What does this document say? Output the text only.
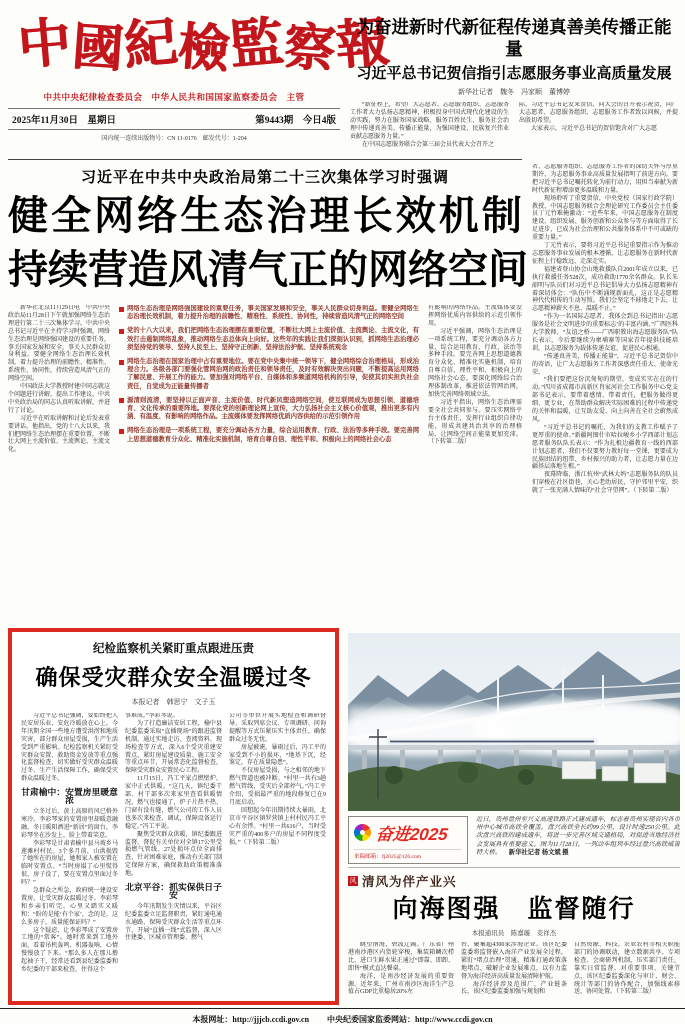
中
國
紀
檢
監
察
報
中共中央纪律检查委员会　中华人民共和国国家监察委员会　主管
2025年11月30日　星期日	第9443期　今日4版
国内统一连续出版物号：CN 11-0176　邮发代号：1-204
为奋进新时代新征程传递真善美传播正能量
习近平总书记贺信指引志愿服务事业高质量发展
新华社记者　魏冬　冯家顺　董博婷

“新征程上，希望广大志愿者、志愿服务组织、志愿服务工作者大力弘扬志愿精神，积极投身中国式现代化建设的生动实践，努力在服务国家战略、服务百姓民生、服务社会治理中传递真善美、传播正能量，为强国建设、民族复兴伟业贡献志愿服务力量。”

在中国志愿服务联合会第三届会员代表大会召开之

际，习近平总书记发来贺信，向大会的召开表示祝贺，向广大志愿者、志愿服务组织、志愿服务工作者致以问候，并提出殷切希望。

大家表示，习近平总书记的贺信饱含对广大志愿

者、志愿服务组织、志愿服务工作者的深切关怀与厚重期许，为志愿服务事业高质量发展指明了前进方向。要把习近平总书记嘱托转化为前行动力，用担当奉献为新时代新征程增添更多温暖和力量。

现场聆听了重要贺信，中央党校（国家行政学院）教授、中国志愿服务联合会理论研究工作委员会主任委员丁元竹难掩激动：“近些年来，中国志愿服务在制度建设、组织发展、服务创新和公众参与等方面取得了长足进步，已成为社会治理和公共服务体系中不可或缺的重要力量。”

丁元竹表示，要将习近平总书记重要指示作为推动志愿服务事业发展的根本遵循，让志愿服务在新时代新征程上行稳致远、走深走实。

福建省登山协会山地救援队自2001年成立以来，已执行救援任务528次，成功救助1770余名群众。队长朱韶明与队员们对习近平总书记倡导大力弘扬志愿精神有着深切体会：“队伍中不断涌现新面孔，这正是志愿精神代代相传的生动写照。我们会坚定不移地走下去，让志愿精神薪火不息、温暖不止。”

“作为一名国际志愿者，我体会到总书记指出‘志愿服务是社会文明进步的重要标志’的丰富内涵。”广西医科大学教师、“友谊之桥——广西职教出海志愿服务队”队长表示，今后要继续为柬埔寨等国家青年提供技能培训，以志愿服务为载体传递友谊、促进民心相通。

“传递真善美，传播正能量”，习近平总书记贺信中的寄语，让广大志愿服务工作者深感责任重大、使命光荣。

“我们要把这份沉甸甸的期望，变成实实在在的行动。”四川省成都市高新区肖家河社会工作服务中心党支部书记表示，要带着感情、带着责任，把服务做得更细、更专业，在帮助群众解决实际困难的过程中传递党的关怀和温暖，让互助友爱、向上向善在全社会蔚然成风。

“习近平总书记的嘱托，为我们的支教工作赋予了更厚重的使命。”新疆阿图什市哈拉峻乡小学西部计划志愿者服务队队长表示：“作为扎根边疆教育一线的西部计划志愿者，我们不仅要努力教好每一堂课，更要成为民族团结的纽带、乡村振兴的助力者，让志愿力量在边疆基层落地生根。”

夜幕降临，浙江杭州“武林大妈”志愿服务队的队员们穿梭在社区街巷，关心老幼居民，守护邻里平安，织就了一张充满人情味的“社会守望网”。（下转第二版）

习近平在中共中央政治局第二十三次集体学习时强调
健 全 网 络 生 态 治 理 长 效 机 制
持 续 营 造 风 清 气 正 的 网 络 空 间

新华社北京11月29日电　中共中央政治局11月28日下午就加强网络生态治理进行第二十三次集体学习。中共中央总书记习近平在主持学习时强调，网络生态治理是网络强国建设的重要任务，事关国家发展和安全，事关人民群众切身利益。要健全网络生态治理长效机制，着力提升治理的前瞻性、精准性、系统性、协同性，持续营造风清气正的网络空间。

中国政法大学教授时建中同志就这个问题进行讲解，提出工作建议。中共中央政治局的同志认真听取讲解，并进行了讨论。

习近平在听取讲解和讨论后发表重要讲话。他指出，党的十八大以来，我们把网络生态治理摆在重要位置，不断壮大网上主流价值、主流舆论、主流文化。

网络生态治理是网络强国建设的重要任务，事关国家发展和安全，事关人民群众切身利益。要健全网络生态治理长效机制，着力提升治理的前瞻性、精准性、系统性、协同性，持续营造风清气正的网络空间
党的十八大以来，我们把网络生态治理摆在重要位置，不断壮大网上主流价值、主流舆论、主流文化，有效打击遏制网络乱象，推动网络生态总体向上向好。这些年的实践让我们深刻认识到，抓网络生态治理必须坚持党的领导、坚持人民至上、坚持守正创新、坚持法治护航、坚持系统观念
网络生态治理在国家治理中占有重要地位。要在党中央集中统一领导下，健全网络综合治理格局，形成治理合力。各级各部门要强化管网治网的政治责任和领导责任，及时有效解决突出问题，不断提高运用网络了解民意、开展工作的能力。要加强对网络平台、自媒体和多频道网络机构的引导，促使其切实担负社会责任，自觉成为正能量传播者
源清则流清，要坚持以正面声音、主流价值、时代新风塑造网络空间，使互联网成为思想引领、道德培育、文化传承的重要阵地。要深化党的创新理论网上宣传，大力弘扬社会主义核心价值观，推出更多有内涵、有温度、有影响的网络作品。主流媒体要发挥网络优质内容供给的示范引领作用
网络生态治理是一项系统工程，要充分调动各方力量，综合运用教育、行政、法治等多种手段。要完善网上思想道德教育分众化、精准化实施机制，培育自尊自信、理性平和、积极向上的网络社会心态

有影响的网络作品。主流媒体要发挥网络优质内容供给的示范引领作用。

习近平强调，网络生态治理是一项系统工程，要充分调动各方力量，综合运用教育、行政、法治等多种手段。要完善网上思想道德教育分众化、精准化实施机制，培育自尊自信、理性平和、积极向上的网络社会心态。要深化网络综合治理体制改革，推进依法管网治网，加快完善网络领域立法。

习近平指出，网络生态治理需要全社会共同参与。要压实网络平台主体责任，发挥行业组织自律功能，形成共建共治共享的治理格局，让网络空间正能量更加充沛。（下转第二版）

纪检监察机关紧盯重点跟进压责
确保受灾群众安全温暖过冬
本报记者　韩思宁　文子玉

习近平总书记强调，要始终把人民安居乐业、安危冷暖放在心上。今年汛期全国一些地方遭受洪涝和地质灾害，部分群众房屋受损，生产生活受到严重影响。纪检监察机关紧盯受灾群众安置、救助资金发放等重点强化监督检查，切实做好受灾群众温暖过冬、生产生活保障工作，确保受灾群众温暖过冬。

甘肃榆中：安置房里暖意浓

立冬过后，黄土高原的风已格外寒冷。李彩琴家的安置房里却暖意融融，冬日暖阳洒进“新居”的窗台，李彩琴坐在沙发上，脸上带着笑意。

李彩琴是甘肃省榆中县马坡乡马莲滩村村民。3个多月前，山洪损毁了她所在的房屋，她和家人被安置在临时安置点。“当时房塌了心里慌得很，房子没了，要在安置点里面过冬吗？”

急群众之所急，政府统一建设安置房，让受灾群众温暖过冬。李彩琴和乡亲们听完，心里又踏实又暖和：“盼的是能‘有个家’，念的是，这么多房子，质量能保证吗？”

这个疑虑，让李彩琴成了安置房工地的“常客”。她时常来到工地外面，看着吊机轰鸣、机器轰响，心情慢慢放了下来。“那么多人在那儿撸起袖子干，经常还看到县纪委监委和乡纪委的干部来检查，住得这个

事难成。”李彩琴说。

为了打造廉洁安居工程，榆中县纪委监委采取“直插现场”的跟进监督机制，通过实地走访、查阅资料、现场检查等方式，深入6个受灾重建安置点，紧盯房屋建设质量、施工安全等重点环节，开展常态化监督检查，保障受灾群众安置民心工程。

11月15日，冯工平家点燃壁炉，家中正式供暖。“这几天，镇纪委干部、村干部多次来家里查看供暖情况，燃气也接通了，炉子片热不热、门窗有没有缝，燃气公司的工作人员也多次来检查、调试，保障设备运行稳定。”冯工平说。

聚焦受灾群众供暖，镇纪委跟进监督，督促有关单位对全镇17公里受损燃气管线、27处损坏点位全面排查，针对困难家庭，推动有关部门制定保障方案，确保救助政策精准落地。

北京平谷：抓实保供日子安

今年汛期发生灾情以来，平谷区纪委监委立足监督职责，紧盯通电通水通路、保障受灾群众生活等重点环节，开展“直插一线”式监督，深入区住建委、区城市管理委、燃气

公司等单位开展实地检查和调研督导，采取列席会议、专项调研、问询提醒等方式压紧压实主体责任，确保群众过冬无忧。

房屋被淹、暴雨过后，冯工平的家受到不小的损坏，“地基下沉，经鉴定，存在质量隐患”。

不仅房屋受损，与之相邻的地下燃气管道也被冲断。“村里一共有3趟燃气管线，受灾后全部停气。”冯工平介绍，受损最严重的地段修复已在9月底启动。

回想起今年汛期持续大暴雨，北京市平谷区镇罗营镇上村村民冯工平心有余悸。“村里一共616户，当时受灾严重的400多户的房屋不同程度受损。”（下转第二版）	奋进2025
来稿邮箱：fj2025@126.com
近日，贵州盘州至兴义高速铁路正式建成通车，标志着贵州实现省内各市州中心城市高铁全覆盖。盘兴高铁全长约99公里，设计时速250公里。此次盘兴高铁的建成通车，将进一步完善区域交通格局，对促进当地经济社会发展具有重要意义。图为11月28日，一列动车组列车经过盘兴高铁威箐特大桥。 新华社记者 杨文斌 摄
风 清风为伴产业兴
向海图强　监督随行
本报通讯员　陈嘉璇　麦祥杰

眺望南海，碧波辽阔。广东省广州港南沙港区内货轮穿梭，集装箱鳞次栉比，进口生鲜水果正通过“即靠、即卸、即售”模式直达餐桌。

海洋，是南沙经济发展的重要资源。近年来，广州市南沙区海洋生产总值占GDP比重稳居20%左

右，聚集超4300家涉海企业。该区纪委监委将监督嵌入海洋产业发展全过程，紧盯“堵点治理”贯通，精准打通政策落地堵点、破解企业发展难点，以有力监督为海洋经济高质量发展清障护航。

海洋经济涉及范围广、产业链条长，该区纪委监委加强与规划和

自然资源、科技、农业农村等相关职能部门的协调联动，建立数据共享、专项检查、会商研判机制，压实部门责任，靠实日常监督。对重要事项、关键节点，该区纪委监委深化与审计、财会、统计等部门的协作配合，加强线索移送、协同处置。（下转第二版）

本报网址：http://jjjcb.ccdi.gov.cn 中央纪委国家监委网站：http://www.ccdi.gov.cn
